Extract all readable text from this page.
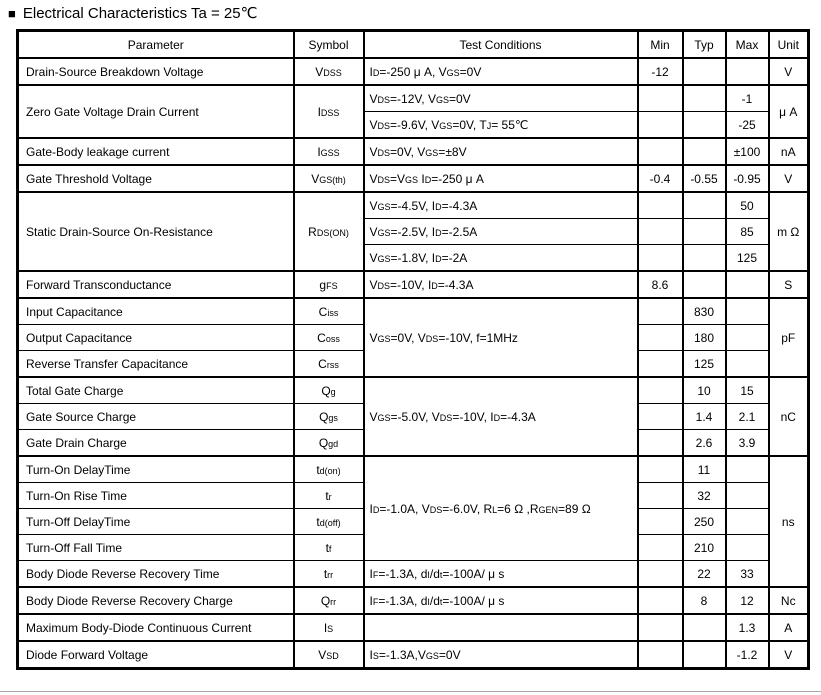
■ Electrical Characteristics Ta = 25℃
Parameter	Symbol	Test Conditions	Min	Typ	Max	Unit
Drain-Source Breakdown Voltage	VDSS	ID=-250 μ A, VGS=0V	-12			V
Zero Gate Voltage Drain Current	IDSS	VDS=-12V, VGS=0V			-1	μ A
		VDS=-9.6V, VGS=0V, TJ= 55℃			-25	
Gate-Body leakage current	IGSS	VDS=0V, VGS=±8V			±100	nA
Gate Threshold Voltage	VGS(th)	VDS=VGS ID=-250 μ A	-0.4	-0.55	-0.95	V
Static Drain-Source On-Resistance	RDS(ON)	VGS=-4.5V, ID=-4.3A			50	m Ω
		VGS=-2.5V, ID=-2.5A			85	
		VGS=-1.8V, ID=-2A			125	
Forward Transconductance	gFS	VDS=-10V, ID=-4.3A	8.6			S
Input Capacitance	Ciss	VGS=0V, VDS=-10V, f=1MHz		830		pF
Output Capacitance	Coss			180		
Reverse Transfer Capacitance	Crss			125		
Total Gate Charge	Qg	VGS=-5.0V, VDS=-10V, ID=-4.3A		10	15	nC
Gate Source Charge	Qgs			1.4	2.1	
Gate Drain Charge	Qgd			2.6	3.9	
Turn-On DelayTime	td(on)	ID=-1.0A, VDS=-6.0V, RL=6 Ω ,RGEN=89 Ω		11		ns
Turn-On Rise Time	tr			32		
Turn-Off DelayTime	td(off)			250		
Turn-Off Fall Time	tf			210		
Body Diode Reverse Recovery Time	trr	IF=-1.3A, dI/dt=-100A/ μ s		22	33	
Body Diode Reverse Recovery Charge	Qrr	IF=-1.3A, dI/dt=-100A/ μ s		8	12	Nc
Maximum Body-Diode Continuous Current	IS				1.3	A
Diode Forward Voltage	VSD	IS=-1.3A,VGS=0V			-1.2	V
